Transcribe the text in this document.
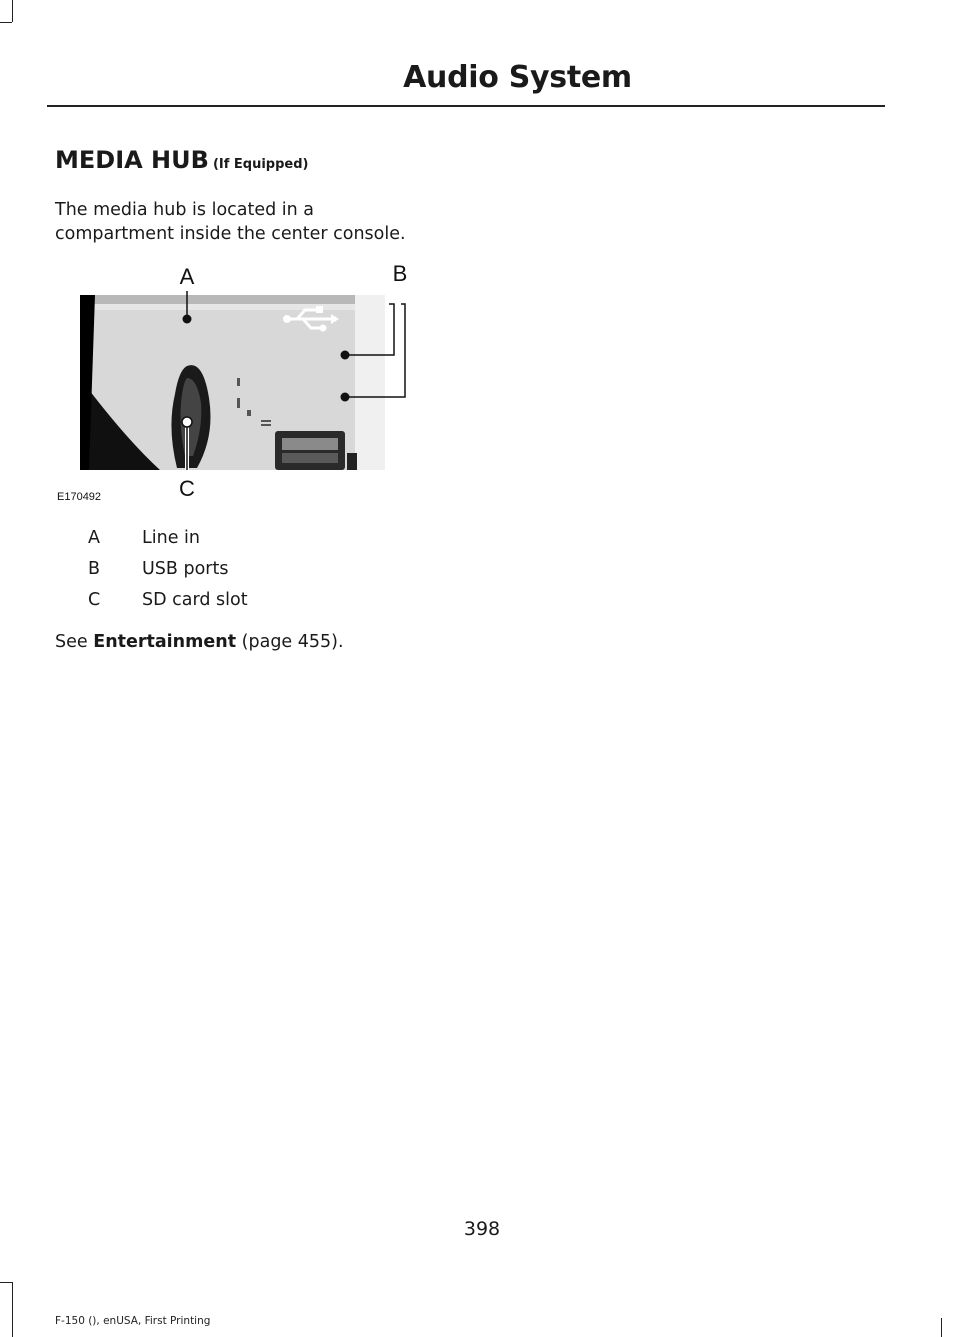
Audio System
MEDIA HUB (If Equipped)
The media hub is located in a
compartment inside the center console.
A	B
C
E170492
A Line in
B USB ports
C SD card slot
See Entertainment (page 455).
398
F-150 (), enUSA, First Printing
